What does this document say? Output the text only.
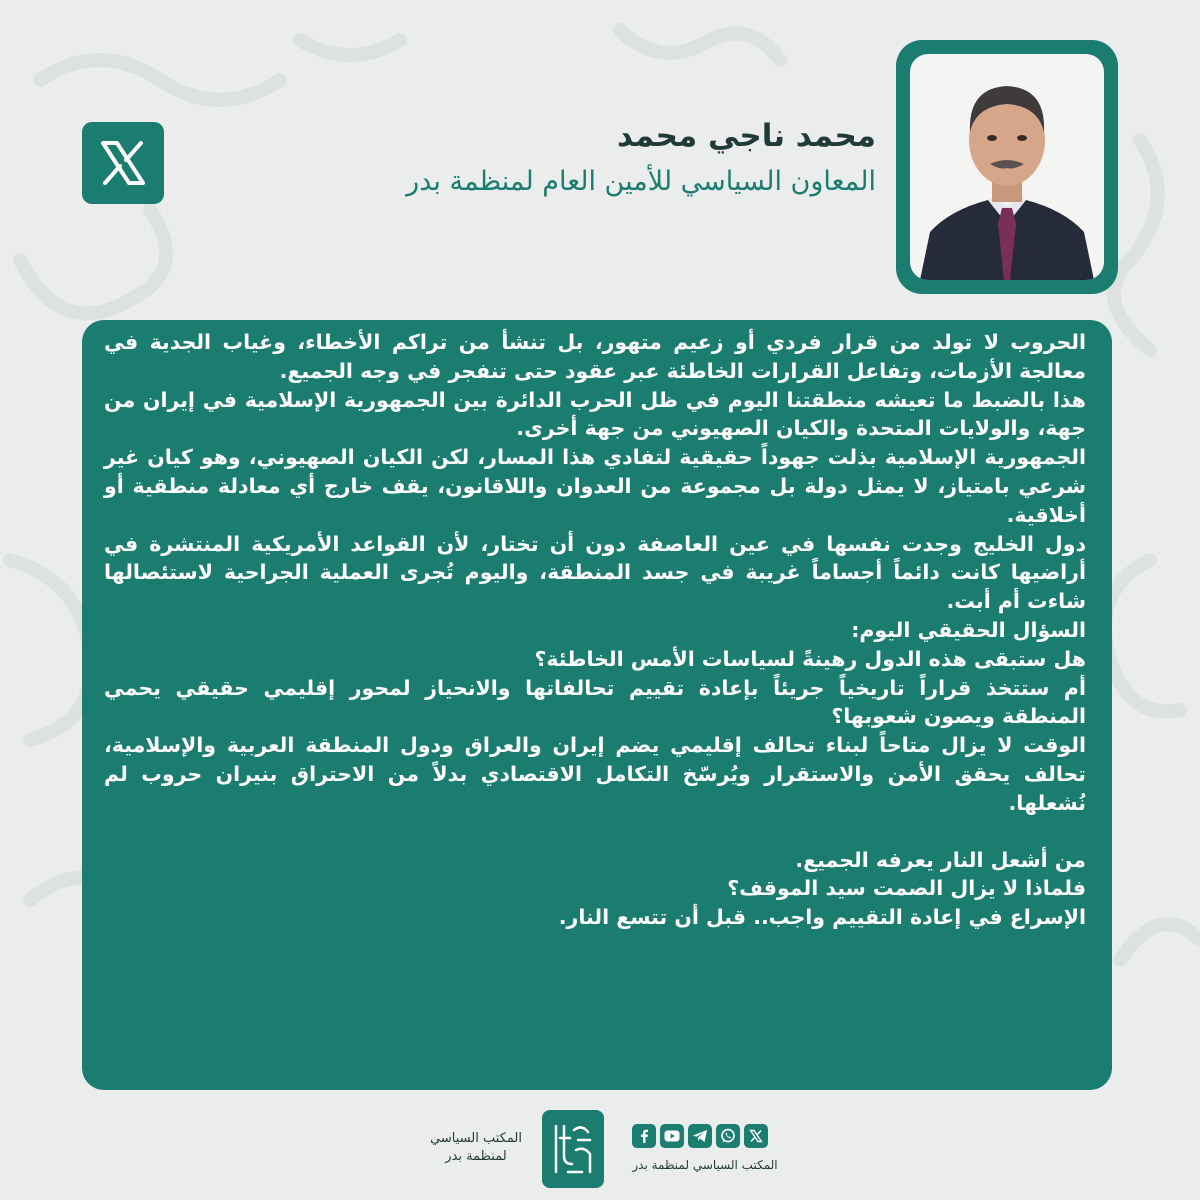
محمد ناجي محمد
المعاون السياسي للأمين العام لمنظمة بدر

الحروب لا تولد من قرار فردي أو زعيم متهور، بل تنشأ من تراكم الأخطاء، وغياب الجدية في معالجة الأزمات، وتفاعل القرارات الخاطئة عبر عقود حتى تنفجر في وجه الجميع.

هذا بالضبط ما تعيشه منطقتنا اليوم في ظل الحرب الدائرة بين الجمهورية الإسلامية في إيران من جهة، والولايات المتحدة والكيان الصهيوني من جهة أخرى.

الجمهورية الإسلامية بذلت جهوداً حقيقية لتفادي هذا المسار، لكن الكيان الصهيوني، وهو كيان غير شرعي بامتياز، لا يمثل دولة بل مجموعة من العدوان واللاقانون، يقف خارج أي معادلة منطقية أو أخلاقية.

دول الخليج وجدت نفسها في عين العاصفة دون أن تختار، لأن القواعد الأمريكية المنتشرة في أراضيها كانت دائماً أجساماً غريبة في جسد المنطقة، واليوم تُجرى العملية الجراحية لاستئصالها شاءت أم أبت.

السؤال الحقيقي اليوم:

هل ستبقى هذه الدول رهينةً لسياسات الأمس الخاطئة؟

أم ستتخذ قراراً تاريخياً جريئاً بإعادة تقييم تحالفاتها والانحياز لمحور إقليمي حقيقي يحمي المنطقة ويصون شعوبها؟

الوقت لا يزال متاحاً لبناء تحالف إقليمي يضم إيران والعراق ودول المنطقة العربية والإسلامية، تحالف يحقق الأمن والاستقرار ويُرسّخ التكامل الاقتصادي بدلاً من الاحتراق بنيران حروب لم نُشعلها.

من أشعل النار يعرفه الجميع.

فلماذا لا يزال الصمت سيد الموقف؟

الإسراع في إعادة التقييم واجب.. قبل أن تتسع النار.

المكتب السياسي
لمنظمة بدر
المكتب السياسي لمنظمة بدر
